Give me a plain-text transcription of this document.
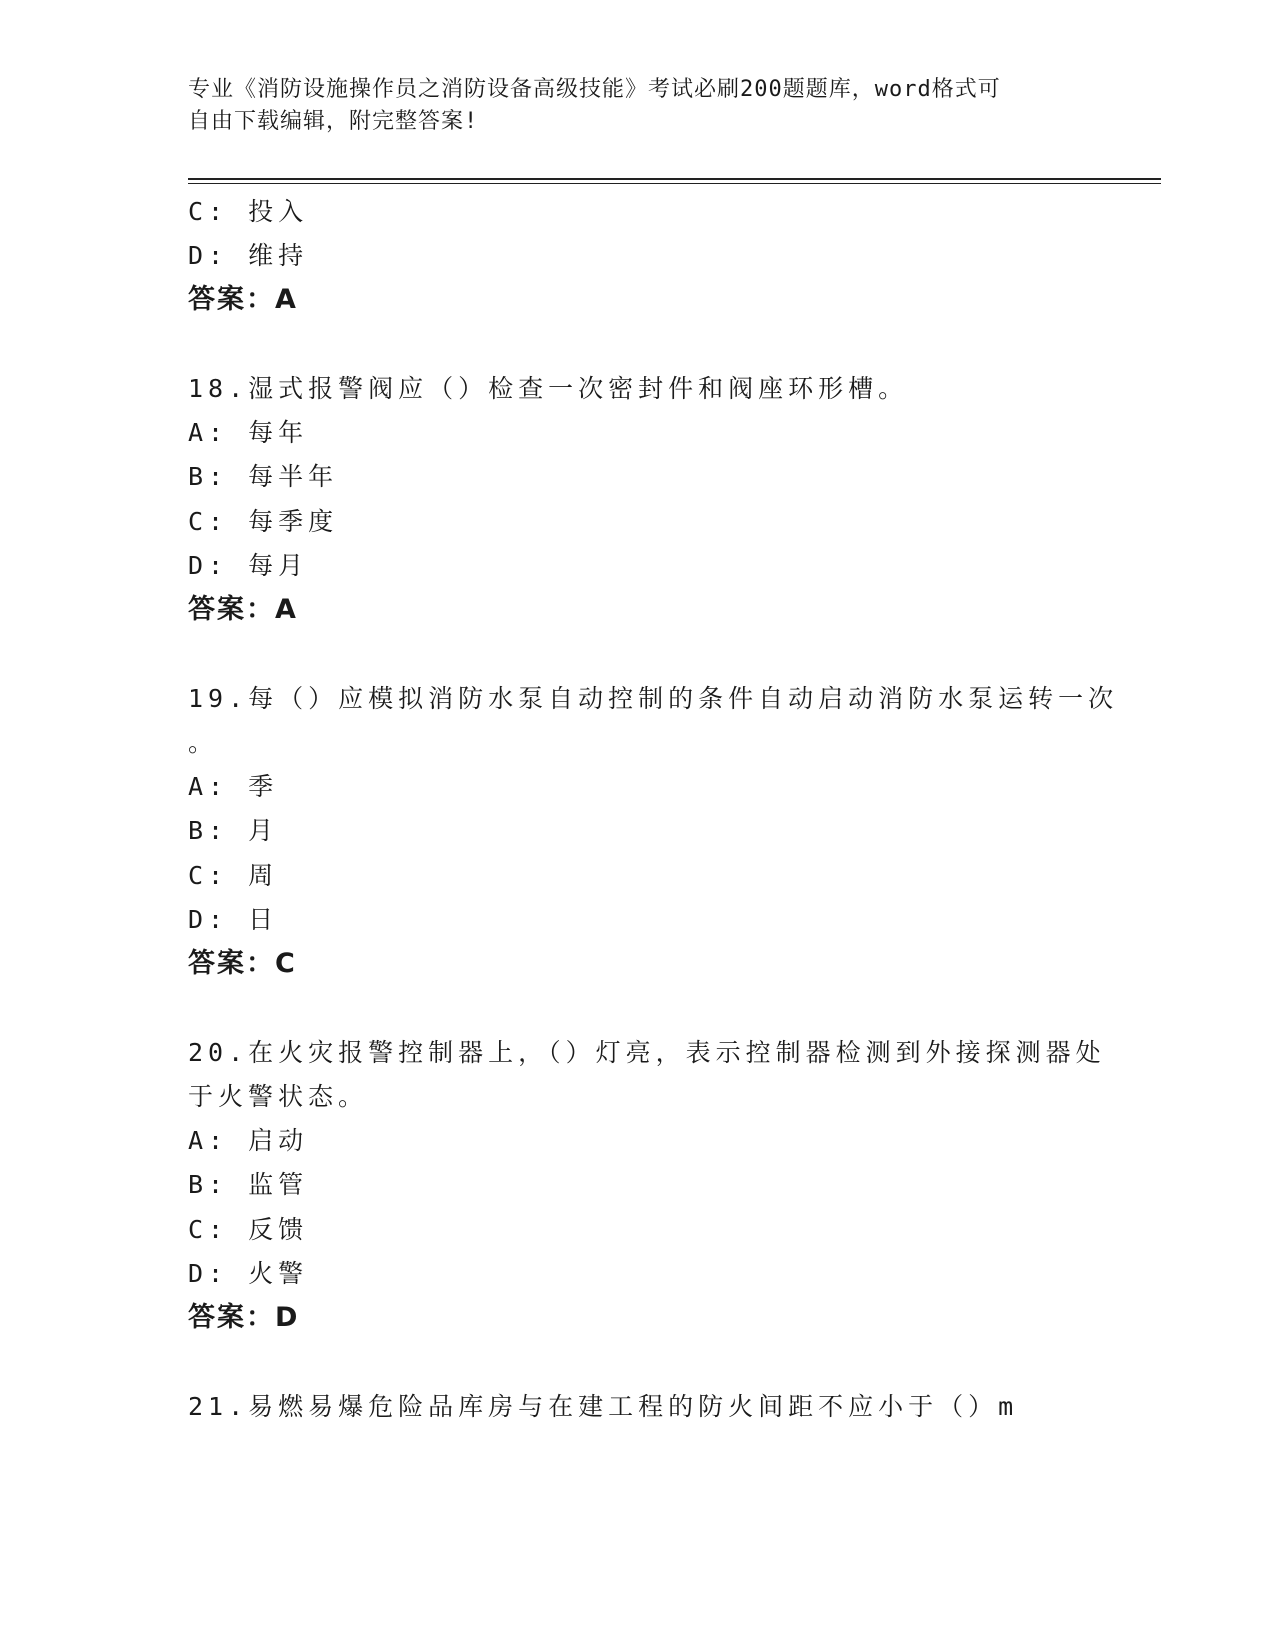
专业《消防设施操作员之消防设备高级技能》考试必刷200题题库，word格式可
自由下载编辑，附完整答案!
C: 投入
D: 维持
答案：A
18.湿式报警阀应（）检查一次密封件和阀座环形槽。
A: 每年
B: 每半年
C: 每季度
D: 每月
答案：A
19.每（）应模拟消防水泵自动控制的条件自动启动消防水泵运转一次
。
A: 季
B: 月
C: 周
D: 日
答案：C
20.在火灾报警控制器上，（）灯亮，表示控制器检测到外接探测器处
于火警状态。
A: 启动
B: 监管
C: 反馈
D: 火警
答案：D
21.易燃易爆危险品库房与在建工程的防火间距不应小于（）m
